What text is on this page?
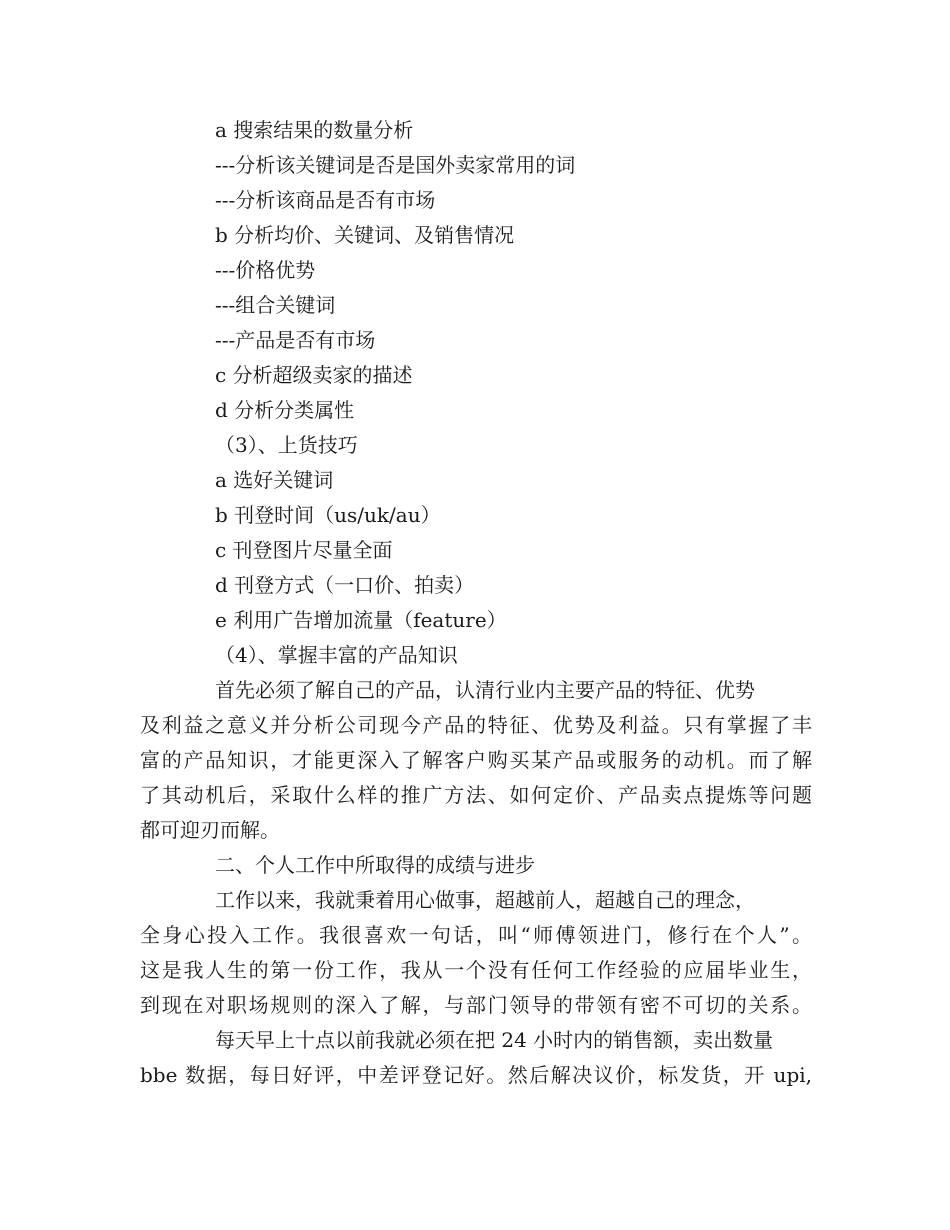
a 搜索结果的数量分析
---分析该关键词是否是国外卖家常用的词
---分析该商品是否有市场
b 分析均价、关键词、及销售情况
---价格优势
---组合关键词
---产品是否有市场
c 分析超级卖家的描述
d 分析分类属性
（3）、上货技巧
a 选好关键词
b 刊登时间（us/uk/au）
c 刊登图片尽量全面
d 刊登方式（一口价、拍卖）
e 利用广告增加流量（feature）
（4）、掌握丰富的产品知识
首先必须了解自己的产品，认清行业内主要产品的特征、优势
及利益之意义并分析公司现今产品的特征、优势及利益。只有掌握了丰
富的产品知识，才能更深入了解客户购买某产品或服务的动机。而了解
了其动机后，采取什么样的推广方法、如何定价、产品卖点提炼等问题
都可迎刃而解。
二、个人工作中所取得的成绩与进步
工作以来，我就秉着用心做事，超越前人，超越自己的理念，
全身心投入工作。我很喜欢一句话，叫“师傅领进门，修行在个人”。
这是我人生的第一份工作，我从一个没有任何工作经验的应届毕业生，
到现在对职场规则的深入了解，与部门领导的带领有密不可切的关系。
每天早上十点以前我就必须在把 24 小时内的销售额，卖出数量
bbe 数据，每日好评，中差评登记好。然后解决议价，标发货，开 upi,
